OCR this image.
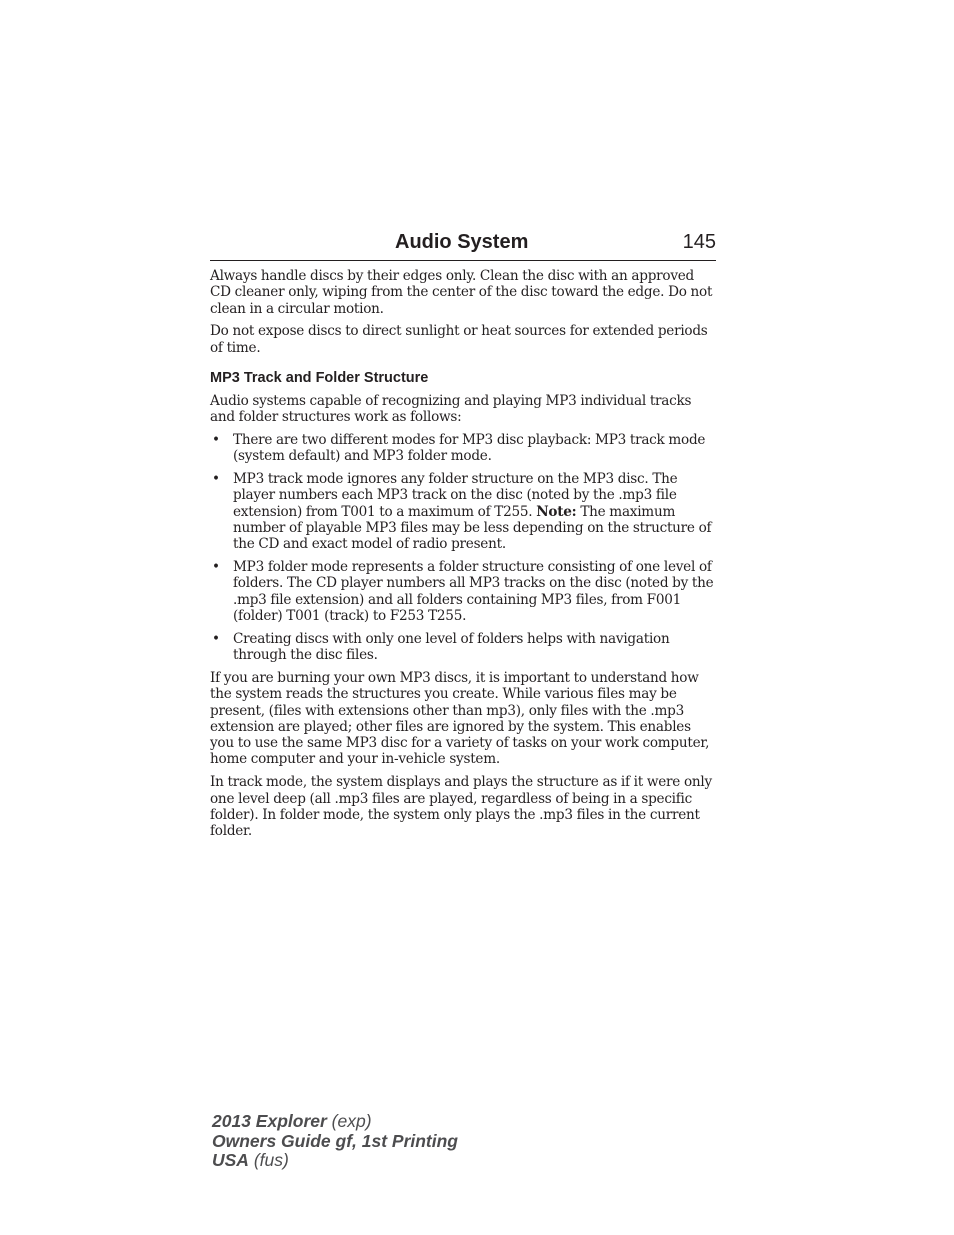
Audio System	145

Always handle discs by their edges only. Clean the disc with an approved CD cleaner only, wiping from the center of the disc toward the edge. Do not clean in a circular motion.

Do not expose discs to direct sunlight or heat sources for extended periods of time.

MP3 Track and Folder Structure

Audio systems capable of recognizing and playing MP3 individual tracks and folder structures work as follows:

• There are two different modes for MP3 disc playback: MP3 track mode (system default) and MP3 folder mode.
• MP3 track mode ignores any folder structure on the MP3 disc. The player numbers each MP3 track on the disc (noted by the .mp3 file extension) from T001 to a maximum of T255. Note: The maximum number of playable MP3 files may be less depending on the structure of the CD and exact model of radio present.
• MP3 folder mode represents a folder structure consisting of one level of folders. The CD player numbers all MP3 tracks on the disc (noted by the .mp3 file extension) and all folders containing MP3 files, from F001 (folder) T001 (track) to F253 T255.
• Creating discs with only one level of folders helps with navigation through the disc files.

If you are burning your own MP3 discs, it is important to understand how the system reads the structures you create. While various files may be present, (files with extensions other than mp3), only files with the .mp3 extension are played; other files are ignored by the system. This enables you to use the same MP3 disc for a variety of tasks on your work computer, home computer and your in-vehicle system.

In track mode, the system displays and plays the structure as if it were only one level deep (all .mp3 files are played, regardless of being in a specific folder). In folder mode, the system only plays the .mp3 files in the current folder.

2013 Explorer (exp)
Owners Guide gf, 1st Printing
USA (fus)
